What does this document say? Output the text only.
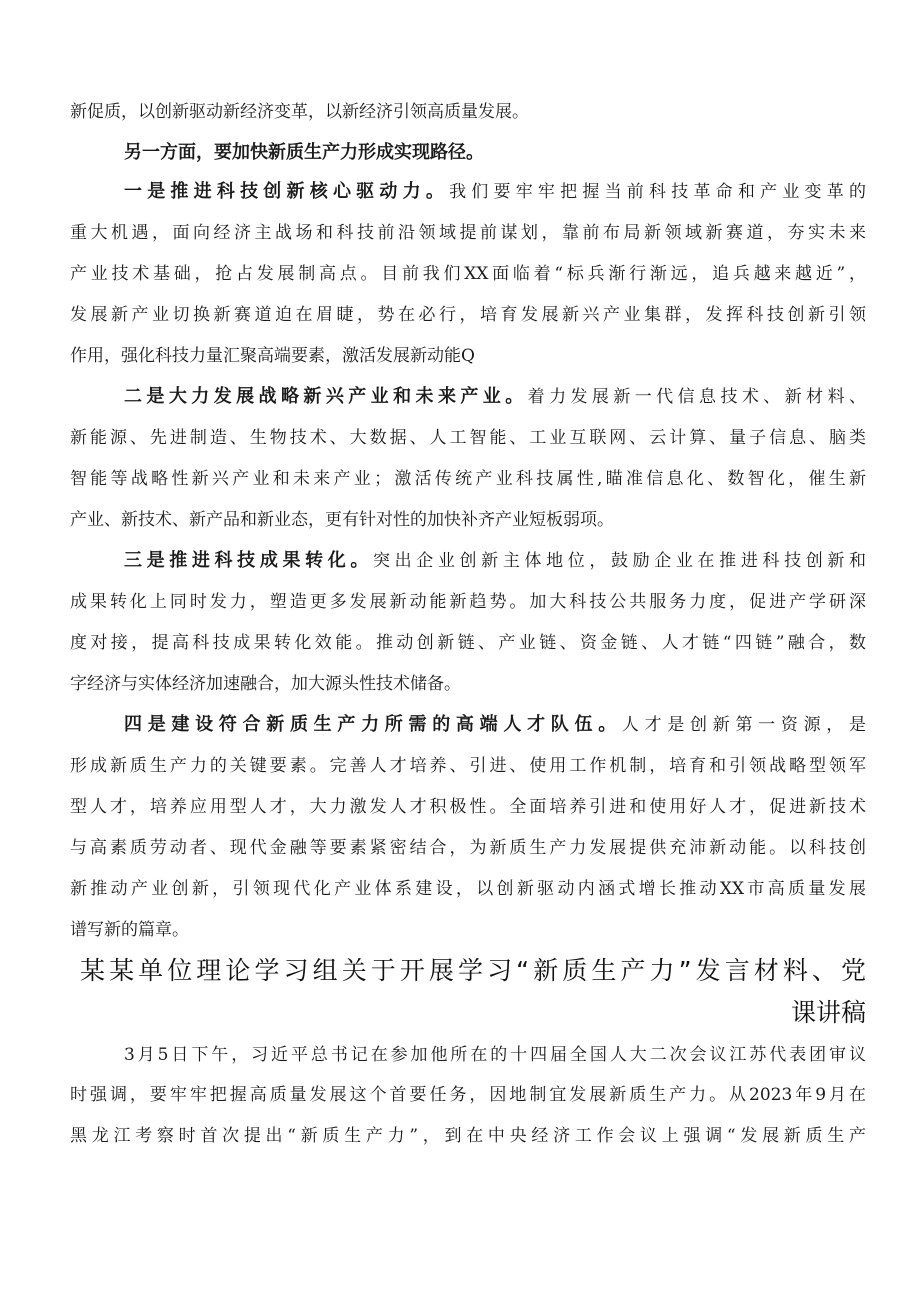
新促质，以创新驱动新经济变革，以新经济引领高质量发展。
另一方面，要加快新质生产力形成实现路径。
一是推进科技创新核心驱动力。我们要牢牢把握当前科技革命和产业变革的
重大机遇，面向经济主战场和科技前沿领域提前谋划，靠前布局新领域新赛道，夯实未来
产业技术基础，抢占发展制高点。目前我们XX面临着“标兵渐行渐远，追兵越来越近”，
发展新产业切换新赛道迫在眉睫，势在必行，培育发展新兴产业集群，发挥科技创新引领
作用，强化科技力量汇聚高端要素，激活发展新动能Q
二是大力发展战略新兴产业和未来产业。着力发展新一代信息技术、新材料、
新能源、先进制造、生物技术、大数据、人工智能、工业互联网、云计算、量子信息、脑类
智能等战略性新兴产业和未来产业；激活传统产业科技属性,瞄准信息化、数智化，催生新
产业、新技术、新产品和新业态，更有针对性的加快补齐产业短板弱项。
三是推进科技成果转化。突出企业创新主体地位，鼓励企业在推进科技创新和
成果转化上同时发力，塑造更多发展新动能新趋势。加大科技公共服务力度，促进产学研深
度对接，提高科技成果转化效能。推动创新链、产业链、资金链、人才链“四链”融合，数
字经济与实体经济加速融合，加大源头性技术储备。
四是建设符合新质生产力所需的高端人才队伍。人才是创新第一资源，是
形成新质生产力的关键要素。完善人才培养、引进、使用工作机制，培育和引领战略型领军
型人才，培养应用型人才，大力激发人才积极性。全面培养引进和使用好人才，促进新技术
与高素质劳动者、现代金融等要素紧密结合，为新质生产力发展提供充沛新动能。以科技创
新推动产业创新，引领现代化产业体系建设，以创新驱动内涵式增长推动XX市高质量发展
谱写新的篇章。
某某单位理论学习组关于开展学习“新质生产力”发言材料、党
课讲稿
3月5日下午，习近平总书记在参加他所在的十四届全国人大二次会议江苏代表团审议
时强调，要牢牢把握高质量发展这个首要任务，因地制宜发展新质生产力。从2023年9月在
黑龙江考察时首次提出“新质生产力”，到在中央经济工作会议上强调“发展新质生产
